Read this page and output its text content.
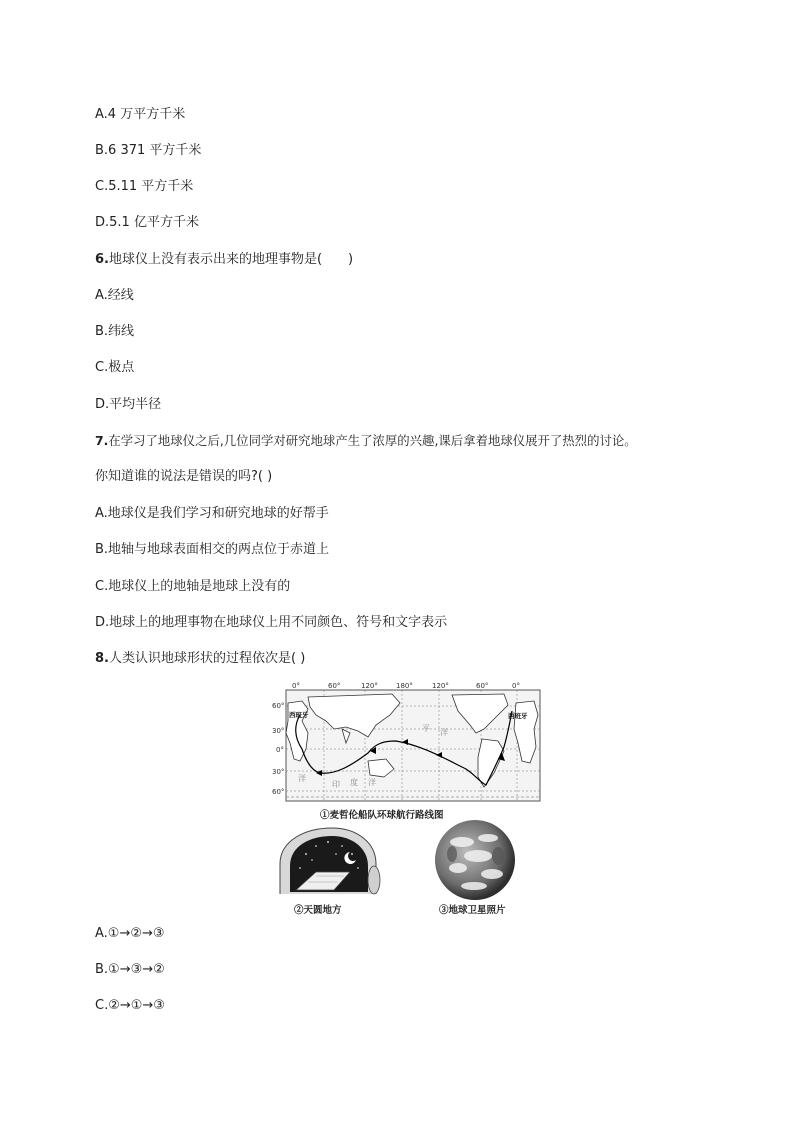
A.4 万平方千米
B.6 371 平方千米
C.5.11 平方千米
D.5.1 亿平方千米
6.地球仪上没有表示出来的地理事物是(　　)
A.经线
B.纬线
C.极点
D.平均半径
7.在学习了地球仪之后,几位同学对研究地球产生了浓厚的兴趣,课后拿着地球仪展开了热烈的讨论。
你知道谁的说法是错误的吗?( )
A.地球仪是我们学习和研究地球的好帮手
B.地轴与地球表面相交的两点位于赤道上
C.地球仪上的地轴是地球上没有的
D.地球上的地理事物在地球仪上用不同颜色、符号和文字表示
8.人类认识地球形状的过程依次是( )
0°	60°	120°	180°	120°	60°	0°
60°
30°
0°
30°
60°
西班牙	西班牙
洋
印 度 洋
平 洋
①麦哲伦船队环球航行路线图
②天圆地方	③地球卫星照片
A.①→②→③
B.①→③→②
C.②→①→③
